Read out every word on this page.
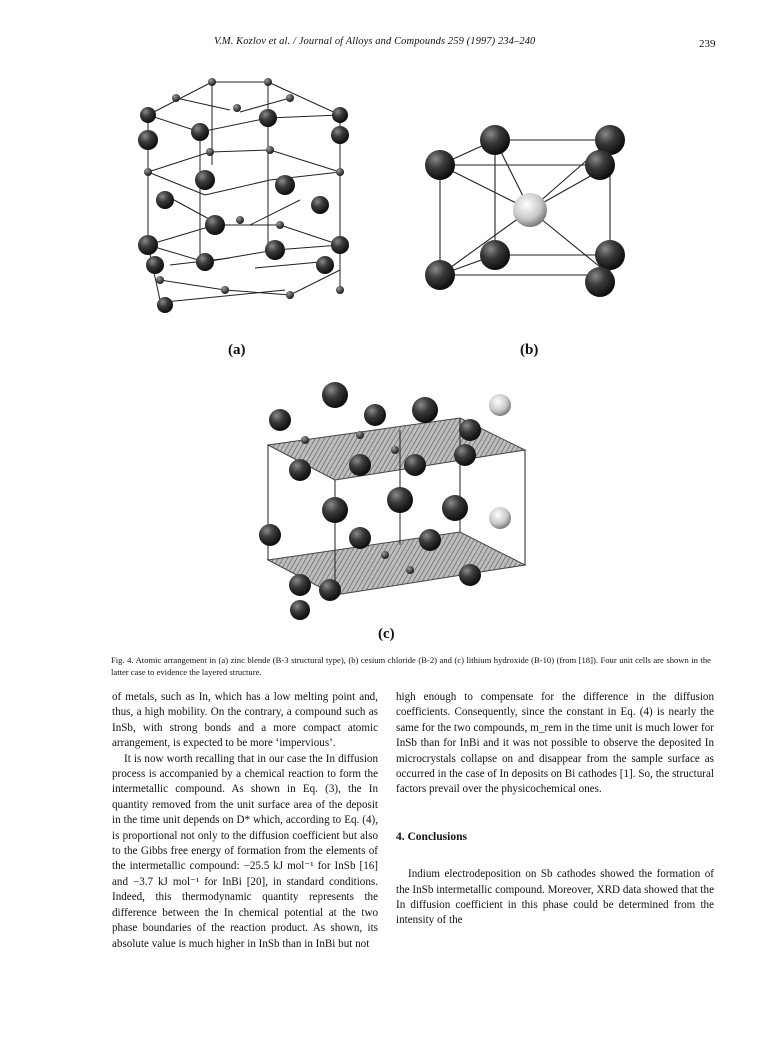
V.M. Kozlov et al. / Journal of Alloys and Compounds 259 (1997) 234–240	239
(a)	(b)
(c)
Fig. 4. Atomic arrangement in (a) zinc blende (B-3 structural type), (b) cesium chloride (B-2) and (c) lithium hydroxide (B-10) (from [18]). Four unit cells are shown in the latter case to evidence the layered structure.

of metals, such as In, which has a low melting point and, thus, a high mobility. On the contrary, a compound such as InSb, with strong bonds and a more compact atomic arrangement, is expected to be more ‘impervious’.

It is now worth recalling that in our case the In diffusion process is accompanied by a chemical reaction to form the intermetallic compound. As shown in Eq. (3), the In quantity removed from the unit surface area of the deposit in the time unit depends on D* which, according to Eq. (4), is proportional not only to the diffusion coefficient but also to the Gibbs free energy of formation from the elements of the intermetallic compound: −25.5 kJ mol⁻¹ for InSb [16] and −3.7 kJ mol⁻¹ for InBi [20], in standard conditions. Indeed, this thermodynamic quantity represents the difference between the In chemical potential at the two phase boundaries of the reaction product. As shown, its absolute value is much higher in InSb than in InBi but not

high enough to compensate for the difference in the diffusion coefficients. Consequently, since the constant in Eq. (4) is nearly the same for the two compounds, m_rem in the time unit is much lower for InSb than for InBi and it was not possible to observe the deposited In microcrystals collapse on and disappear from the sample surface as occurred in the case of In deposits on Bi cathodes [1]. So, the structural factors prevail over the physicochemical ones.

4. Conclusions

Indium electrodeposition on Sb cathodes showed the formation of the InSb intermetallic compound. Moreover, XRD data showed that the In diffusion coefficient in this phase could be determined from the intensity of the
